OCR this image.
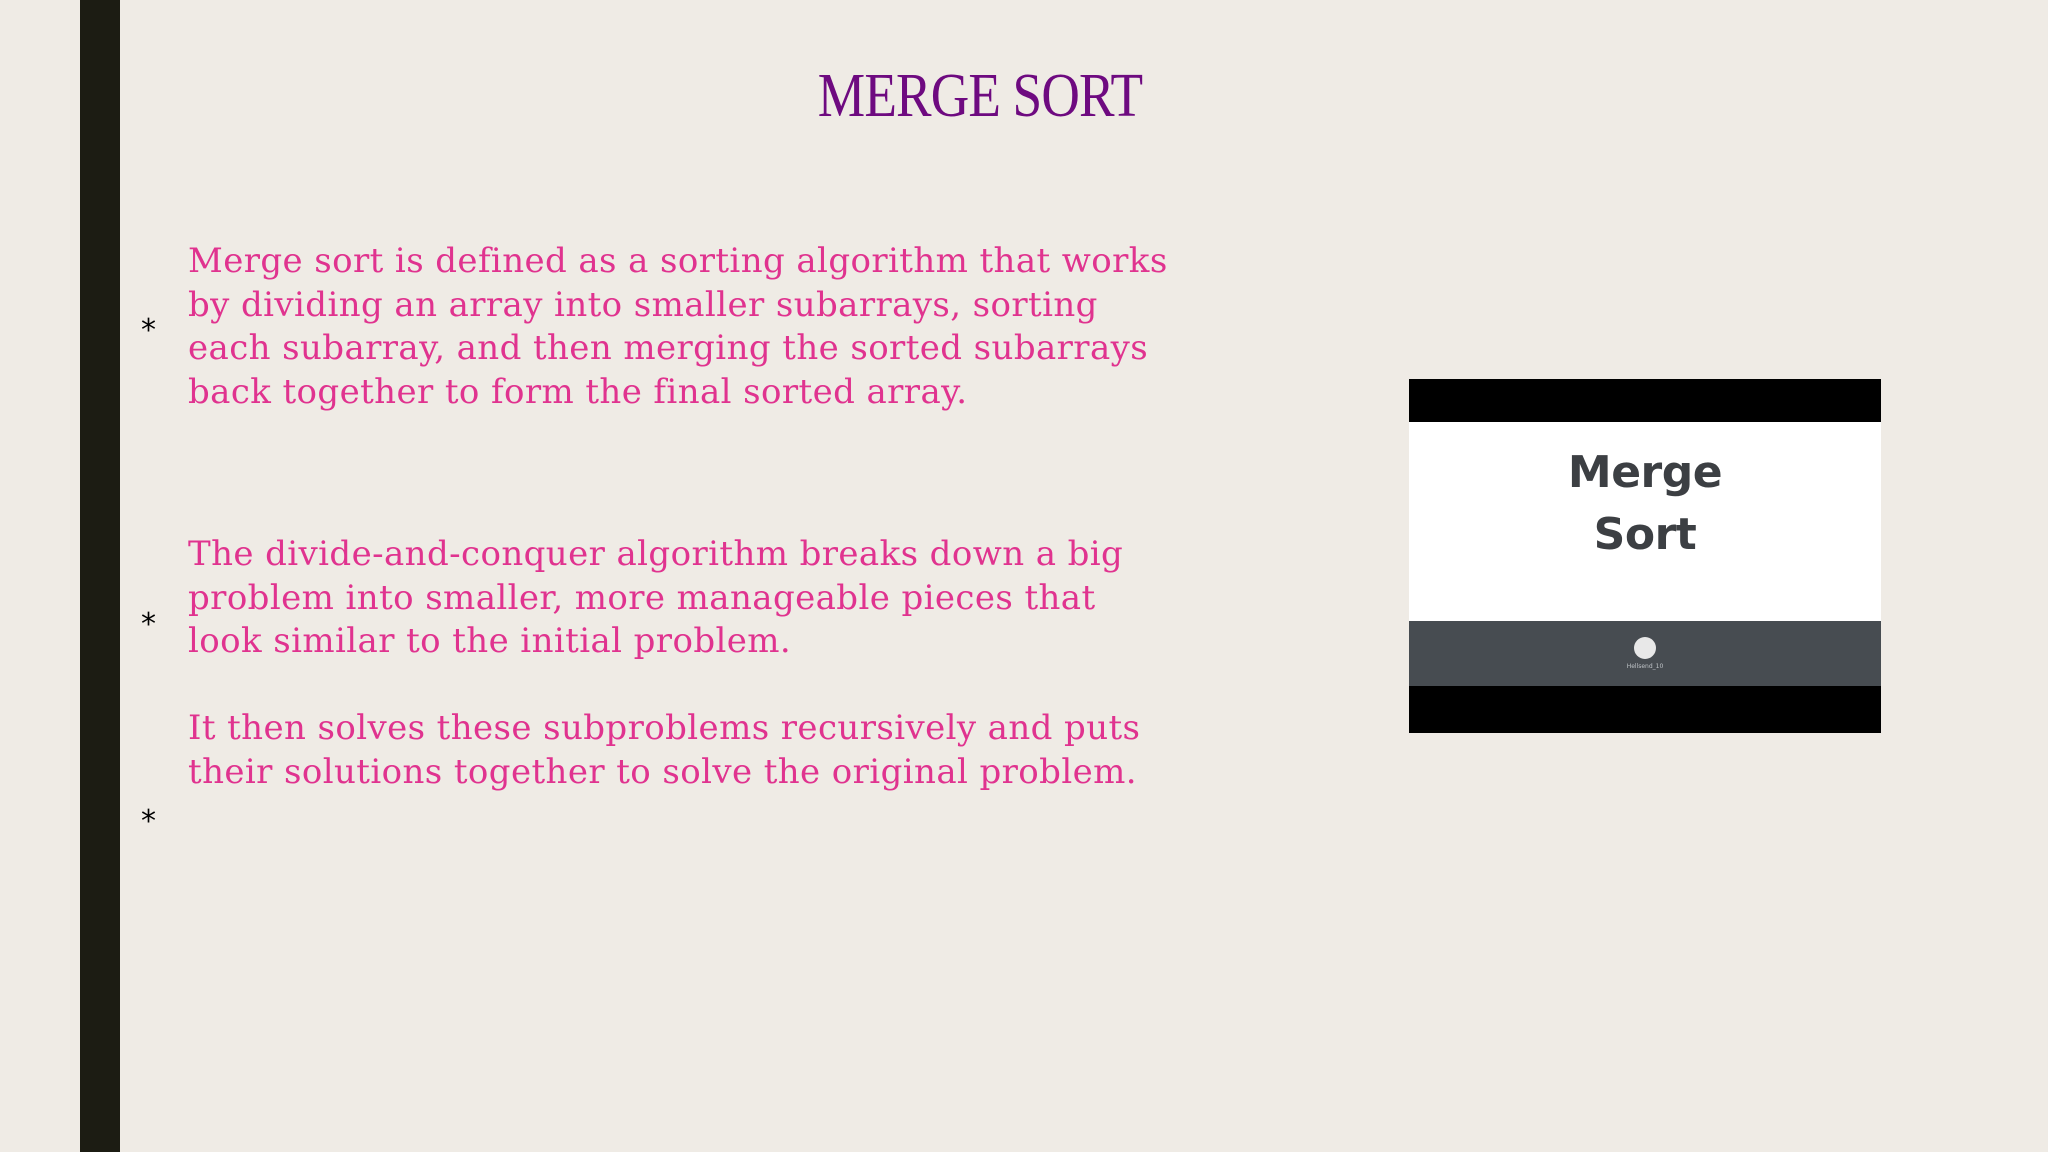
MERGE SORT
*

Merge sort is defined as a sorting algorithm that works
by dividing an array into smaller subarrays, sorting
each subarray, and then merging the sorted subarrays
back together to form the final sorted array.

*

The divide-and-conquer algorithm breaks down a big
problem into smaller, more manageable pieces that
look similar to the initial problem.

It then solves these subproblems recursively and puts
their solutions together to solve the original problem.

*
Merge
Sort
Hellsend_10
